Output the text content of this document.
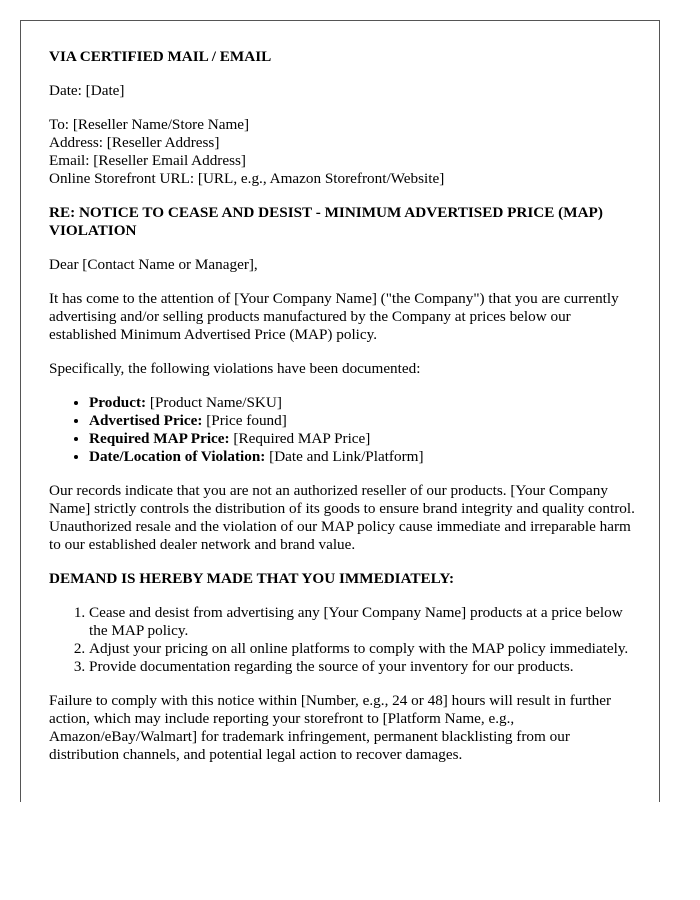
VIA CERTIFIED MAIL / EMAIL

Date: [Date]

To: [Reseller Name/Store Name]
Address: [Reseller Address]
Email: [Reseller Email Address]
Online Storefront URL: [URL, e.g., Amazon Storefront/Website]

RE: NOTICE TO CEASE AND DESIST - MINIMUM ADVERTISED PRICE (MAP) VIOLATION

Dear [Contact Name or Manager],

It has come to the attention of [Your Company Name] ("the Company") that you are currently advertising and/or selling products manufactured by the Company at prices below our established Minimum Advertised Price (MAP) policy.

Specifically, the following violations have been documented:

• Product: [Product Name/SKU]
• Advertised Price: [Price found]
• Required MAP Price: [Required MAP Price]
• Date/Location of Violation: [Date and Link/Platform]

Our records indicate that you are not an authorized reseller of our products. [Your Company Name] strictly controls the distribution of its goods to ensure brand integrity and quality control. Unauthorized resale and the violation of our MAP policy cause immediate and irreparable harm to our established dealer network and brand value.

DEMAND IS HEREBY MADE THAT YOU IMMEDIATELY:

1. Cease and desist from advertising any [Your Company Name] products at a price below the MAP policy.
2. Adjust your pricing on all online platforms to comply with the MAP policy immediately.
3. Provide documentation regarding the source of your inventory for our products.

Failure to comply with this notice within [Number, e.g., 24 or 48] hours will result in further action, which may include reporting your storefront to [Platform Name, e.g., Amazon/eBay/Walmart] for trademark infringement, permanent blacklisting from our distribution channels, and potential legal action to recover damages.
